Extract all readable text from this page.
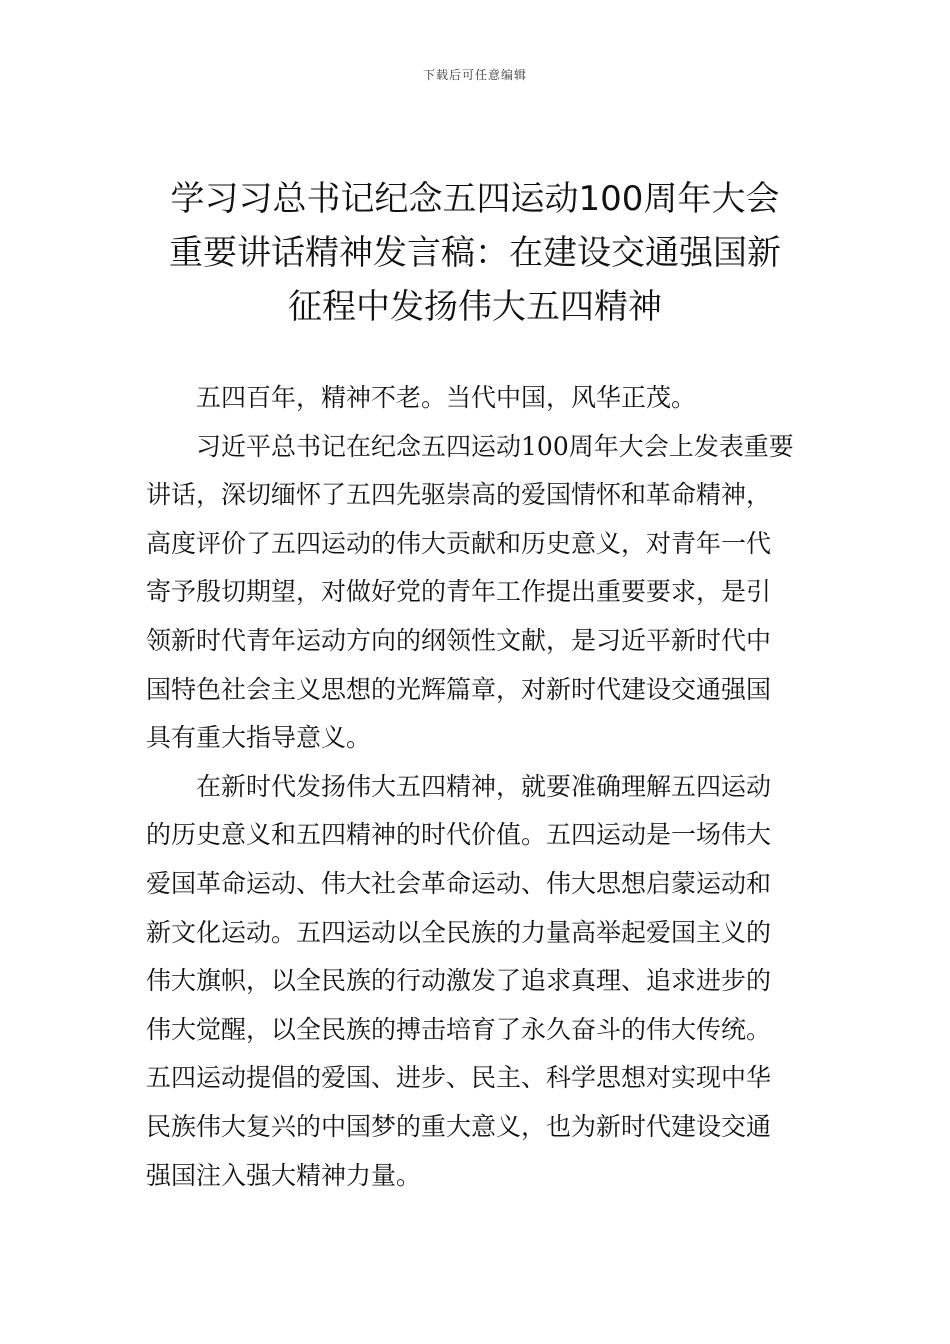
下载后可任意编辑
学习习总书记纪念五四运动100周年大会
重要讲话精神发言稿：在建设交通强国新
征程中发扬伟大五四精神

五四百年，精神不老。当代中国，风华正茂。

习近平总书记在纪念五四运动100周年大会上发表重要
讲话，深切缅怀了五四先驱崇高的爱国情怀和革命精神，
高度评价了五四运动的伟大贡献和历史意义，对青年一代
寄予殷切期望，对做好党的青年工作提出重要要求，是引
领新时代青年运动方向的纲领性文献，是习近平新时代中
国特色社会主义思想的光辉篇章，对新时代建设交通强国
具有重大指导意义。

在新时代发扬伟大五四精神，就要准确理解五四运动
的历史意义和五四精神的时代价值。五四运动是一场伟大
爱国革命运动、伟大社会革命运动、伟大思想启蒙运动和
新文化运动。五四运动以全民族的力量高举起爱国主义的
伟大旗帜，以全民族的行动激发了追求真理、追求进步的
伟大觉醒，以全民族的搏击培育了永久奋斗的伟大传统。
五四运动提倡的爱国、进步、民主、科学思想对实现中华
民族伟大复兴的中国梦的重大意义，也为新时代建设交通
强国注入强大精神力量。
